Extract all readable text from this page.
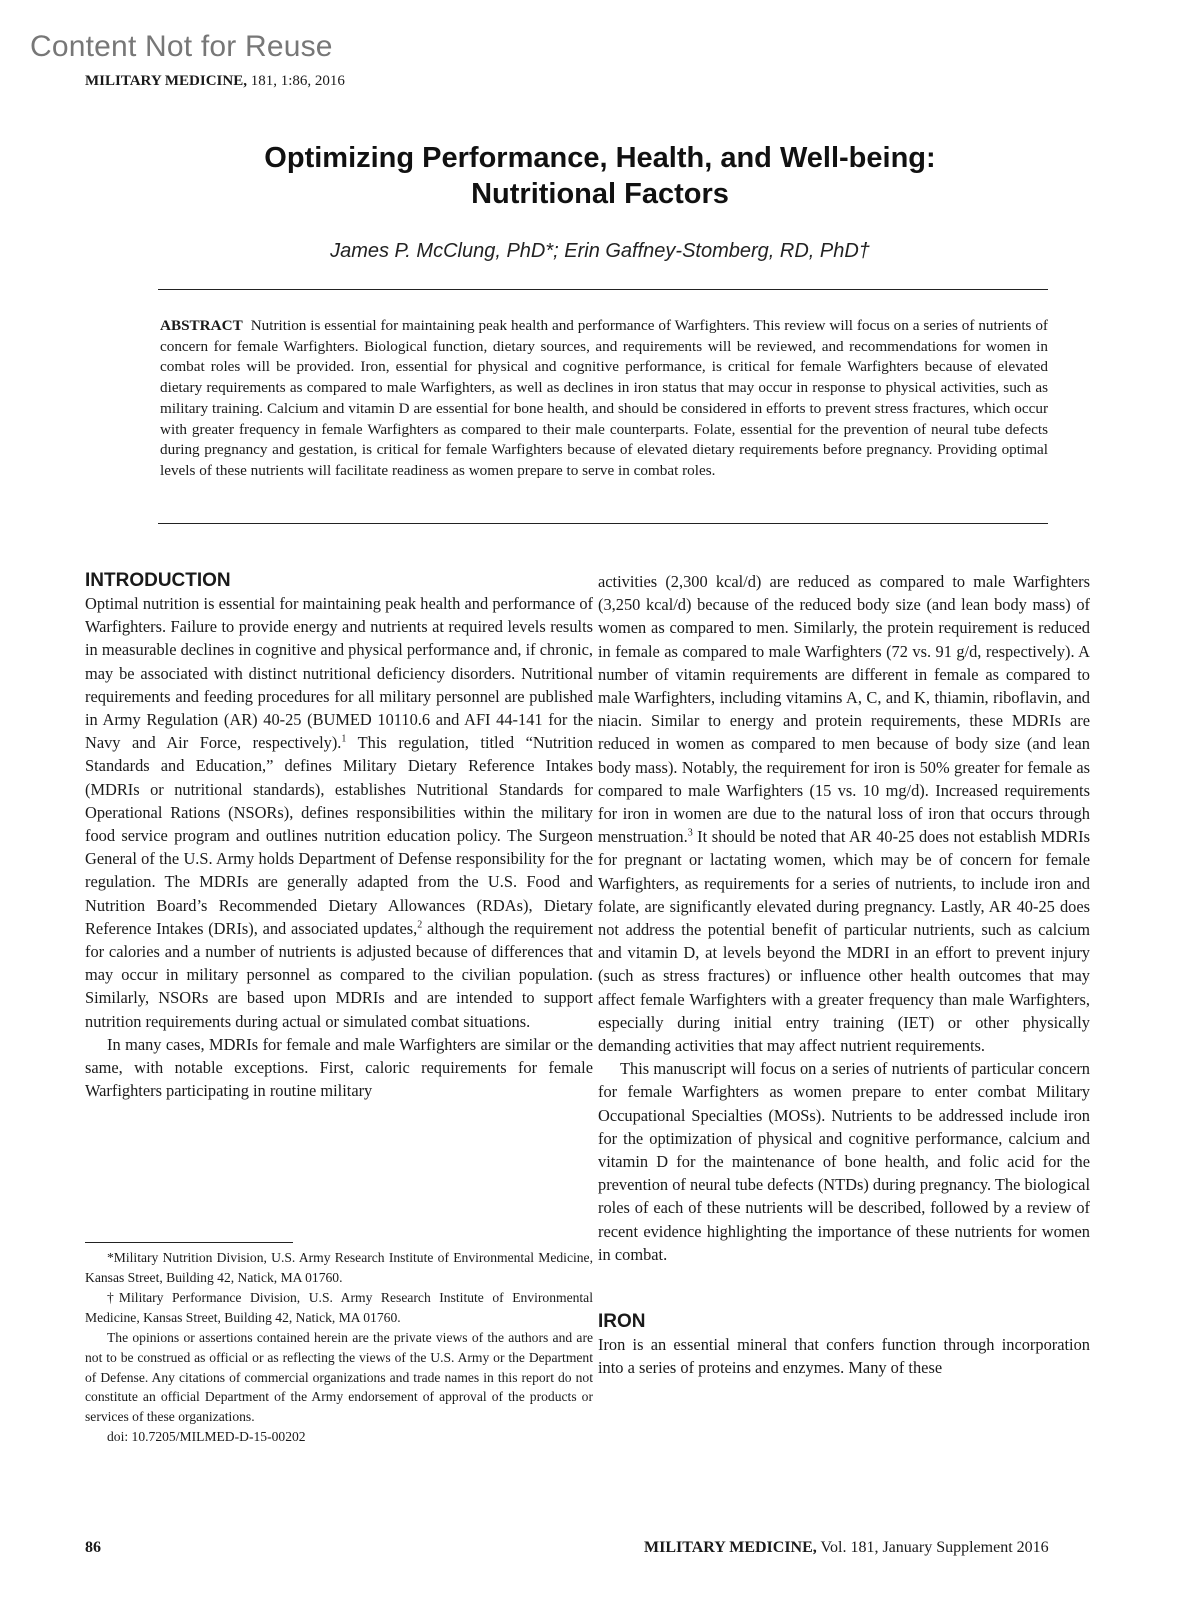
Content Not for Reuse
MILITARY MEDICINE, 181, 1:86, 2016
Optimizing Performance, Health, and Well-being:
Nutritional Factors
James P. McClung, PhD*; Erin Gaffney-Stomberg, RD, PhD†
ABSTRACT Nutrition is essential for maintaining peak health and performance of Warfighters. This review will focus on a series of nutrients of concern for female Warfighters. Biological function, dietary sources, and requirements will be reviewed, and recommendations for women in combat roles will be provided. Iron, essential for physical and cognitive performance, is critical for female Warfighters because of elevated dietary requirements as compared to male Warfighters, as well as declines in iron status that may occur in response to physical activities, such as military training. Calcium and vitamin D are essential for bone health, and should be considered in efforts to prevent stress fractures, which occur with greater frequency in female Warfighters as compared to their male counterparts. Folate, essential for the prevention of neural tube defects during pregnancy and gestation, is critical for female Warfighters because of elevated dietary requirements before pregnancy. Providing optimal levels of these nutrients will facilitate readiness as women prepare to serve in combat roles.
INTRODUCTION

Optimal nutrition is essential for maintaining peak health and performance of Warfighters. Failure to provide energy and nutrients at required levels results in measurable declines in cognitive and physical performance and, if chronic, may be associated with distinct nutritional deficiency disorders. Nutritional requirements and feeding procedures for all military personnel are published in Army Regulation (AR) 40-25 (BUMED 10110.6 and AFI 44-141 for the Navy and Air Force, respectively).$^1$ This regulation, titled “Nutrition Standards and Education,” defines Military Dietary Reference Intakes (MDRIs or nutritional standards), establishes Nutritional Standards for Operational Rations (NSORs), defines responsibilities within the military food service program and outlines nutrition education policy. The Surgeon General of the U.S. Army holds Department of Defense responsibility for the regulation. The MDRIs are generally adapted from the U.S. Food and Nutrition Board’s Recommended Dietary Allowances (RDAs), Dietary Reference Intakes (DRIs), and associated updates,$^2$ although the requirement for calories and a number of nutrients is adjusted because of differences that may occur in military personnel as compared to the civilian population. Similarly, NSORs are based upon MDRIs and are intended to support nutrition requirements during actual or simulated combat situations.

In many cases, MDRIs for female and male Warfighters are similar or the same, with notable exceptions. First, caloric requirements for female Warfighters participating in routine military

*Military Nutrition Division, U.S. Army Research Institute of Environmental Medicine, Kansas Street, Building 42, Natick, MA 01760.

†Military Performance Division, U.S. Army Research Institute of Environmental Medicine, Kansas Street, Building 42, Natick, MA 01760.

The opinions or assertions contained herein are the private views of the authors and are not to be construed as official or as reflecting the views of the U.S. Army or the Department of Defense. Any citations of commercial organizations and trade names in this report do not constitute an official Department of the Army endorsement of approval of the products or services of these organizations.

doi: 10.7205/MILMED-D-15-00202

activities (2,300 kcal/d) are reduced as compared to male Warfighters (3,250 kcal/d) because of the reduced body size (and lean body mass) of women as compared to men. Similarly, the protein requirement is reduced in female as compared to male Warfighters (72 vs. 91 g/d, respectively). A number of vitamin requirements are different in female as compared to male Warfighters, including vitamins A, C, and K, thiamin, riboflavin, and niacin. Similar to energy and protein requirements, these MDRIs are reduced in women as compared to men because of body size (and lean body mass). Notably, the requirement for iron is 50% greater for female as compared to male Warfighters (15 vs. 10 mg/d). Increased requirements for iron in women are due to the natural loss of iron that occurs through menstruation.$^3$ It should be noted that AR 40-25 does not establish MDRIs for pregnant or lactating women, which may be of concern for female Warfighters, as requirements for a series of nutrients, to include iron and folate, are significantly elevated during pregnancy. Lastly, AR 40-25 does not address the potential benefit of particular nutrients, such as calcium and vitamin D, at levels beyond the MDRI in an effort to prevent injury (such as stress fractures) or influence other health outcomes that may affect female Warfighters with a greater frequency than male Warfighters, especially during initial entry training (IET) or other physically demanding activities that may affect nutrient requirements.

This manuscript will focus on a series of nutrients of particular concern for female Warfighters as women prepare to enter combat Military Occupational Specialties (MOSs). Nutrients to be addressed include iron for the optimization of physical and cognitive performance, calcium and vitamin D for the maintenance of bone health, and folic acid for the prevention of neural tube defects (NTDs) during pregnancy. The biological roles of each of these nutrients will be described, followed by a review of recent evidence highlighting the importance of these nutrients for women in combat.

IRON

Iron is an essential mineral that confers function through incorporation into a series of proteins and enzymes. Many of these

86	MILITARY MEDICINE, Vol. 181, January Supplement 2016
